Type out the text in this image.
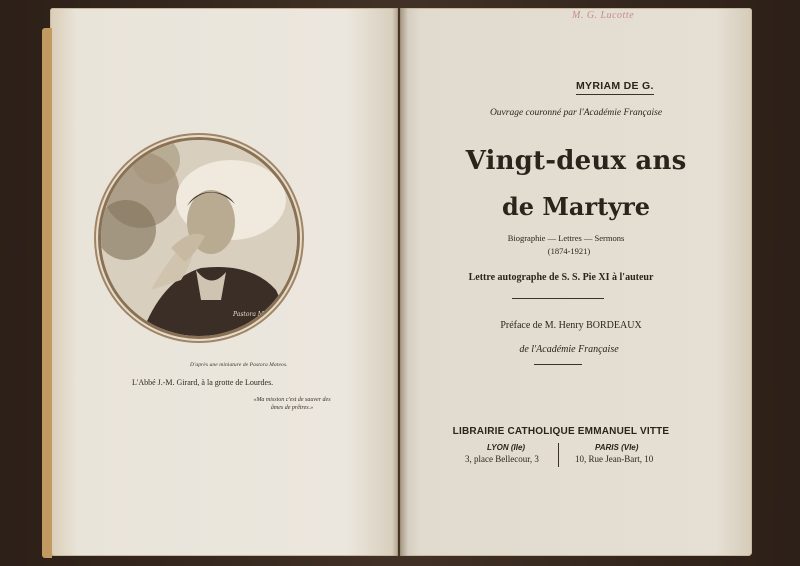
Pastora M.
D'après une miniature de Pastora Mateos.
L'Abbé J.-M. Girard, à la grotte de Lourdes.
«Ma mission c'est de sauver des âmes de prêtres.»
M. G. Lucotte
MYRIAM DE G.
Ouvrage couronné par l'Académie Française
Vingt-deux ans
de Martyre
Biographie — Lettres — Sermons
(1874-1921)
Lettre autographe de S. S. Pie XI à l'auteur
Préface de M. Henry BORDEAUX
de l'Académie Française
LIBRAIRIE CATHOLIQUE EMMANUEL VITTE
LYON (IIe)	PARIS (VIe)
3, place Bellecour, 3	10, Rue Jean-Bart, 10
